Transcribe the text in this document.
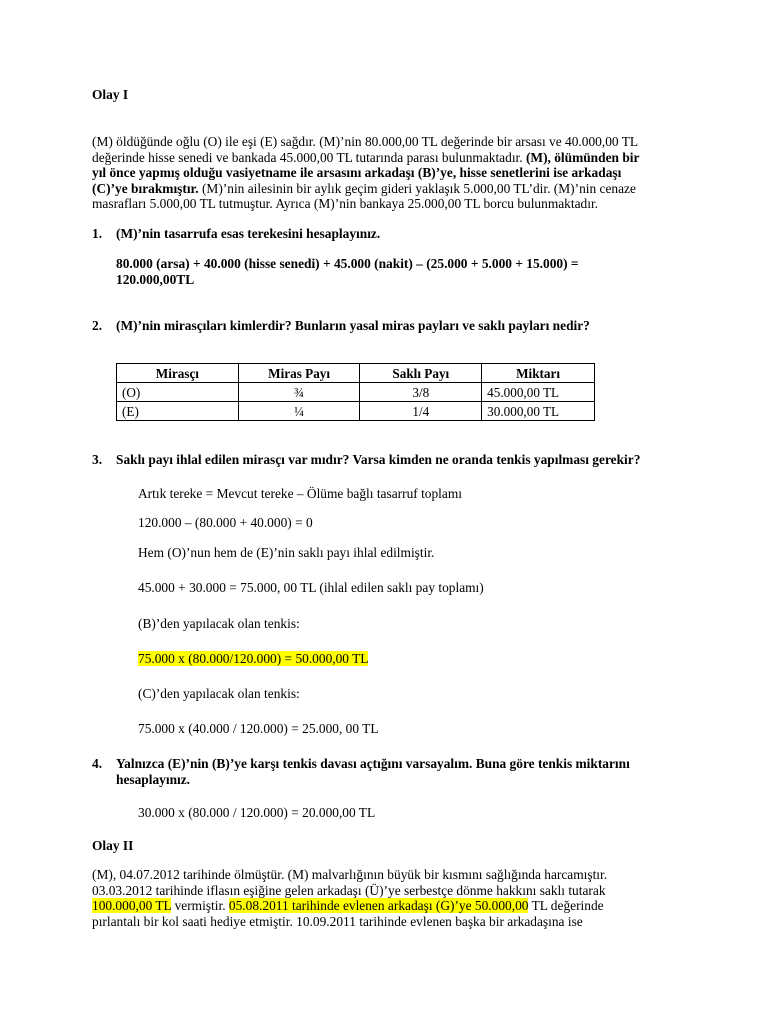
Olay I
(M) öldüğünde oğlu (O) ile eşi (E) sağdır. (M)’nin 80.000,00 TL değerinde bir arsası ve 40.000,00 TL
değerinde hisse senedi ve bankada 45.000,00 TL tutarında parası bulunmaktadır. (M), ölümünden bir
yıl önce yapmış olduğu vasiyetname ile arsasını arkadaşı (B)’ye, hisse senetlerini ise arkadaşı
(C)’ye bırakmıştır. (M)’nin ailesinin bir aylık geçim gideri yaklaşık 5.000,00 TL’dir. (M)’nin cenaze
masrafları 5.000,00 TL tutmuştur. Ayrıca (M)’nin bankaya 25.000,00 TL borcu bulunmaktadır.
1. (M)’nin tasarrufa esas terekesini hesaplayınız.
80.000 (arsa) + 40.000 (hisse senedi) + 45.000 (nakit) – (25.000 + 5.000 + 15.000) =
120.000,00TL
2. (M)’nin mirasçıları kimlerdir? Bunların yasal miras payları ve saklı payları nedir?
Mirasçı	Miras Payı	Saklı Payı	Miktarı
(O)	¾	3/8	45.000,00 TL
(E)	¼	1/4	30.000,00 TL
3. Saklı payı ihlal edilen mirasçı var mıdır? Varsa kimden ne oranda tenkis yapılması gerekir?
Artık tereke = Mevcut tereke – Ölüme bağlı tasarruf toplamı
120.000 – (80.000 + 40.000) = 0
Hem (O)’nun hem de (E)’nin saklı payı ihlal edilmiştir.
45.000 + 30.000 = 75.000, 00 TL (ihlal edilen saklı pay toplamı)
(B)’den yapılacak olan tenkis:
75.000 x (80.000/120.000) = 50.000,00 TL
(C)’den yapılacak olan tenkis:
75.000 x (40.000 / 120.000) = 25.000, 00 TL
4. Yalnızca (E)’nin (B)’ye karşı tenkis davası açtığını varsayalım. Buna göre tenkis miktarını
hesaplayınız.
30.000 x (80.000 / 120.000) = 20.000,00 TL
Olay II
(M), 04.07.2012 tarihinde ölmüştür. (M) malvarlığının büyük bir kısmını sağlığında harcamıştır.
03.03.2012 tarihinde iflasın eşiğine gelen arkadaşı (Ü)’ye serbestçe dönme hakkını saklı tutarak
100.000,00 TL vermiştir. 05.08.2011 tarihinde evlenen arkadaşı (G)’ye 50.000,00 TL değerinde
pırlantalı bir kol saati hediye etmiştir. 10.09.2011 tarihinde evlenen başka bir arkadaşına ise
